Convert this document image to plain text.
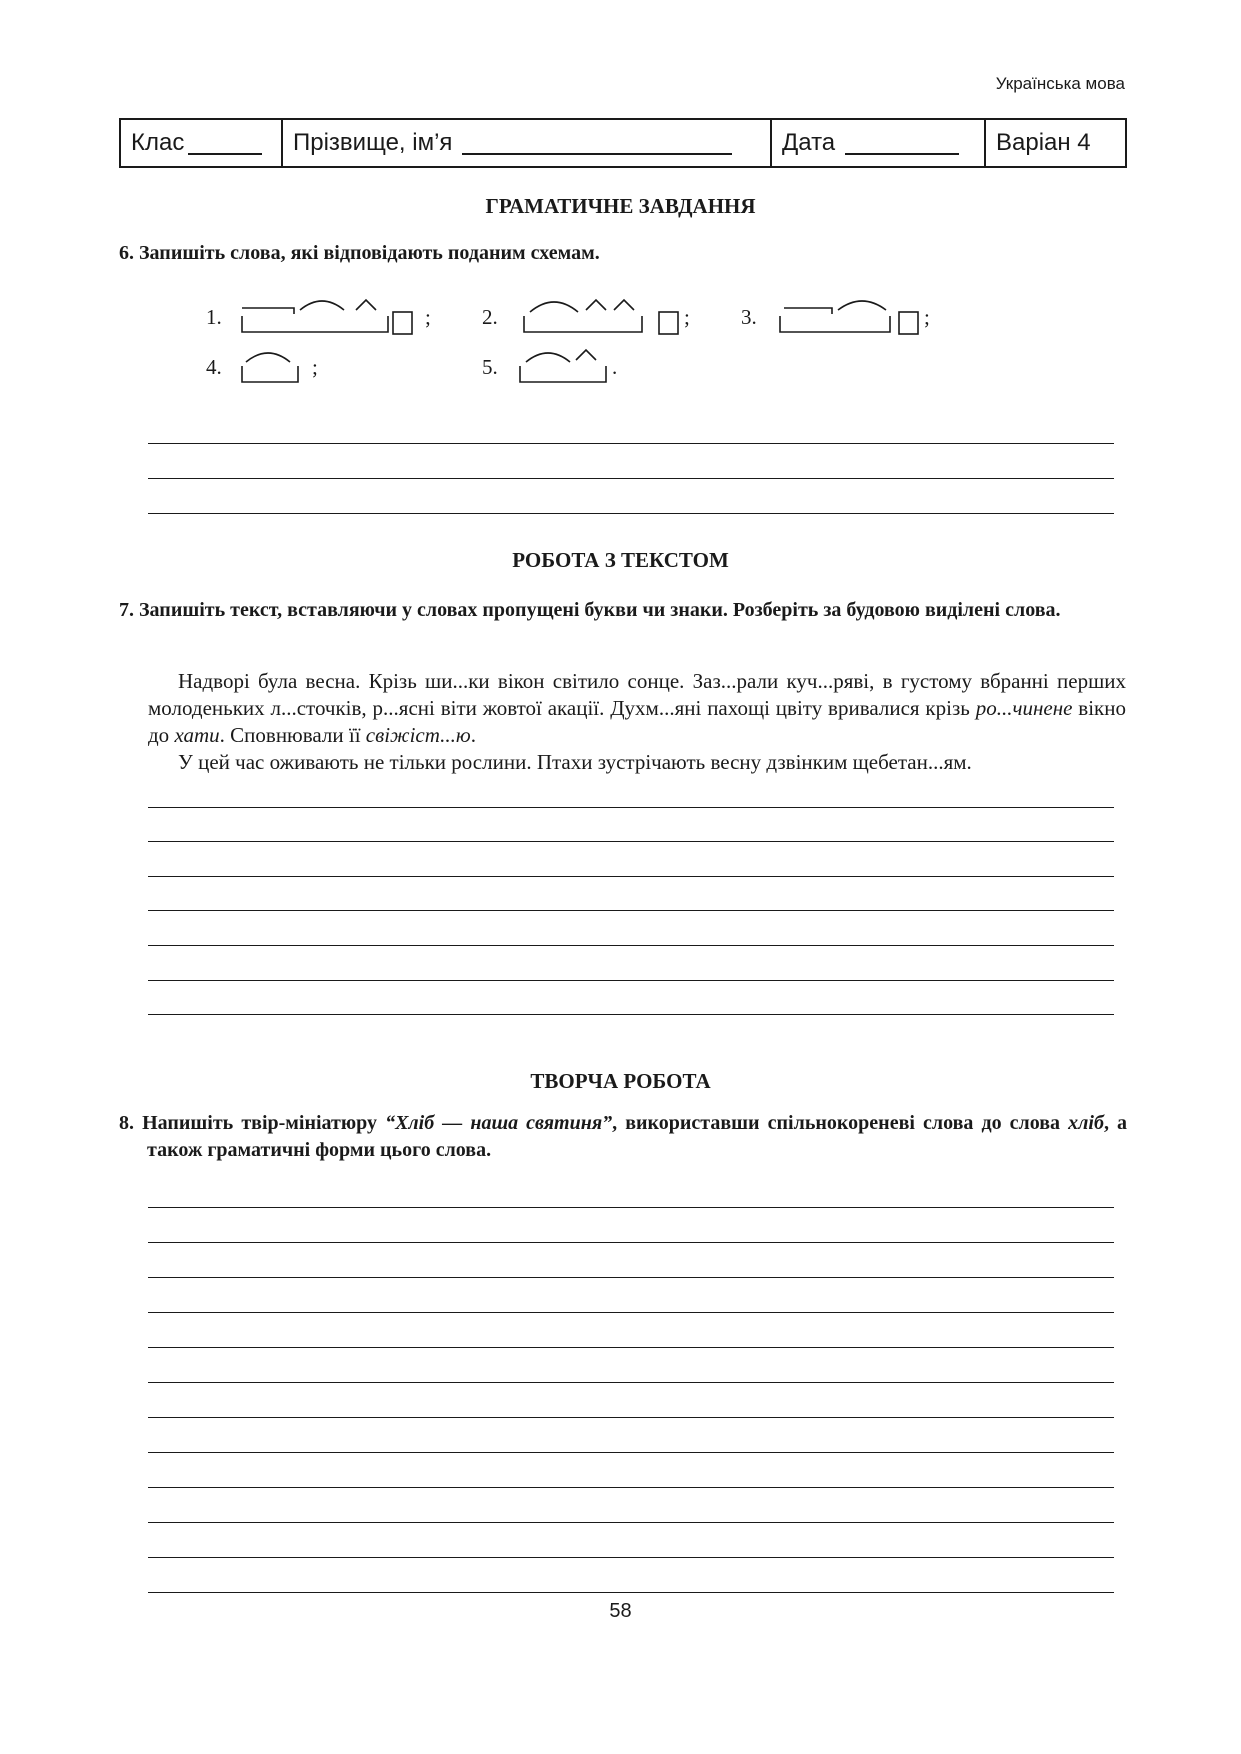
Українська мова
Клас	Прізвище, ім’я	Дата	Варіан 4
ГРАМАТИЧНЕ ЗАВДАННЯ
6. Запишіть слова, які відповідають поданим схемам.
1.	; 2.	; 3.	;
4.	;	5.	.
РОБОТА З ТЕКСТОМ
7. Запишіть текст, вставляючи у словах пропущені букви чи знаки. Розберіть за будовою виділені слова.

Надворі була весна. Крізь ши...ки вікон світило сонце. Заз...рали куч...ряві, в густому вбранні перших молоденьких л...сточків, р...ясні віти жовтої акації. Духм...яні пахощі цвіту вривалися крізь ро...чинене вікно до хати. Сповнювали її свіжіст...ю.

У цей час оживають не тільки рослини. Птахи зустрічають весну дзвінким щебетан...ям.

ТВОРЧА РОБОТА
8. Напишіть твір-мініатюру “Хліб — наша святиня”, використавши спільнокореневі слова до слова хліб, а також граматичні форми цього слова.
58
